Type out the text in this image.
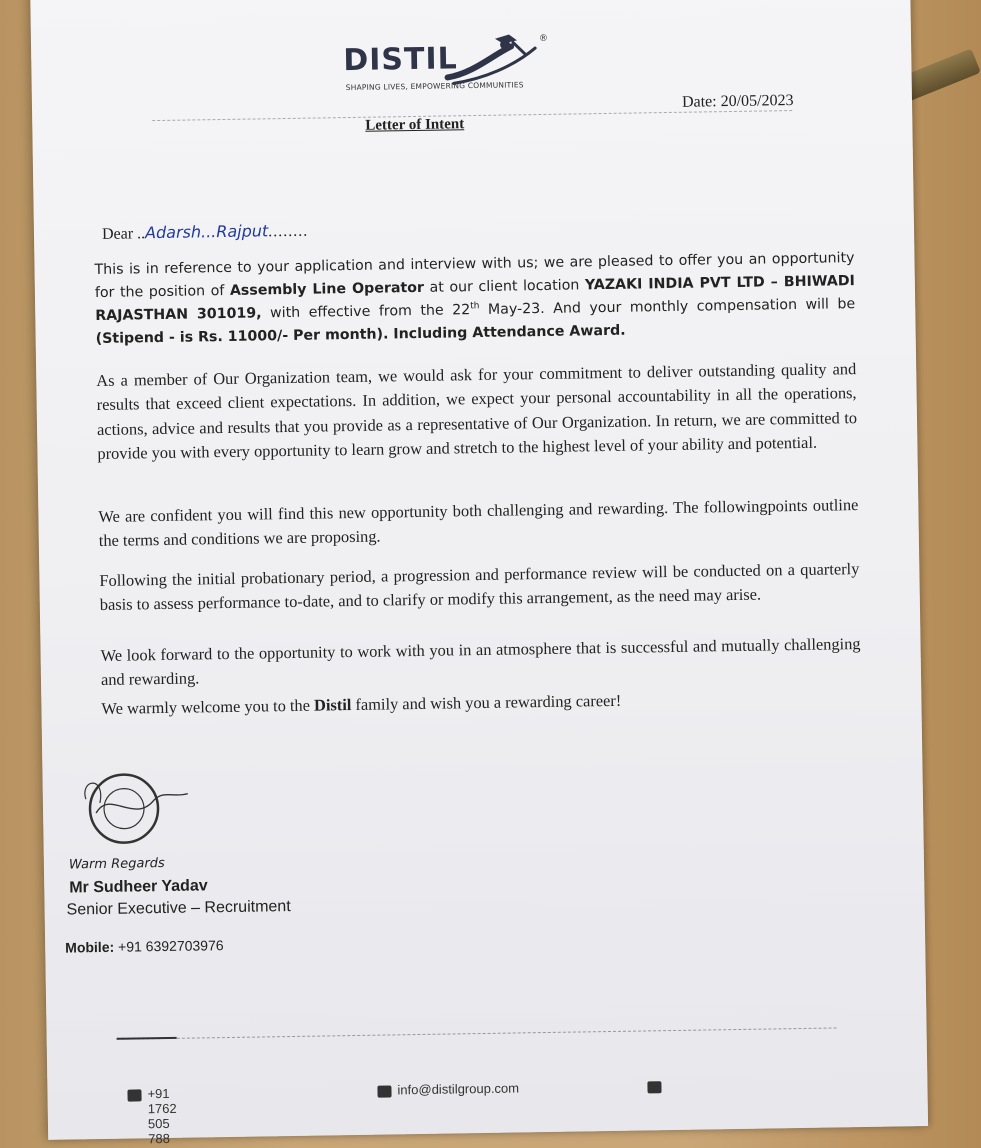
DISTIL
®
SHAPING LIVES, EMPOWERING COMMUNITIES
Letter of Intent
Date: 20/05/2023
Dear ..Adarsh...Rajput........
This is in reference to your application and interview with us; we are pleased to offer you an opportunity for the position of Assembly Line Operator at our client location YAZAKI INDIA PVT LTD – BHIWADI RAJASTHAN 301019, with effective from the 22th May-23. And your monthly compensation will be (Stipend - is Rs. 11000/- Per month). Including Attendance Award.
As a member of Our Organization team, we would ask for your commitment to deliver outstanding quality and results that exceed client expectations. In addition, we expect your personal accountability in all the operations, actions, advice and results that you provide as a representative of Our Organization. In return, we are committed to provide you with every opportunity to learn grow and stretch to the highest level of your ability and potential.
We are confident you will find this new opportunity both challenging and rewarding. The followingpoints outline the terms and conditions we are proposing.
Following the initial probationary period, a progression and performance review will be conducted on a quarterly basis to assess performance to-date, and to clarify or modify this arrangement, as the need may arise.
We look forward to the opportunity to work with you in an atmosphere that is successful and mutually challenging and rewarding.
We warmly welcome you to the Distil family and wish you a rewarding career!
Warm Regards
Mr Sudheer Yadav
Senior Executive – Recruitment
Mobile: +91 6392703976
+91 1762 505 788
info@distilgroup.com
